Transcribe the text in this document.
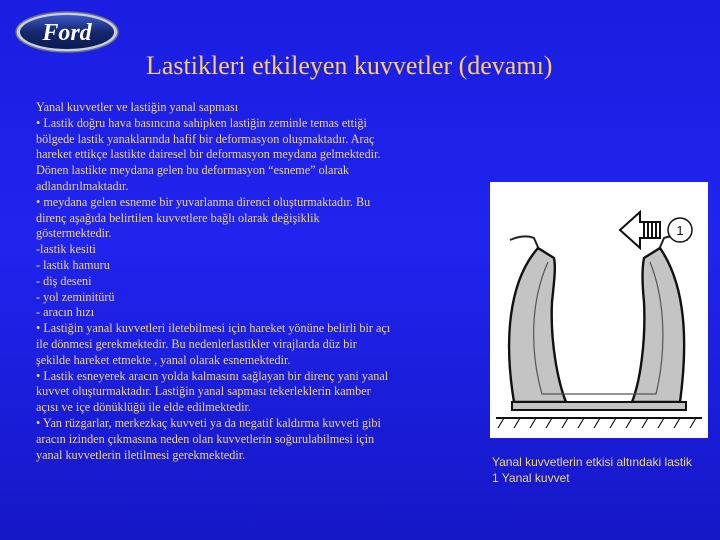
Ford
Lastikleri etkileyen kuvvetler (devamı)
Yanal kuvvetler ve lastiğin yanal sapması
• Lastik doğru hava basıncına sahipken lastiğin zeminle temas ettiği
bölgede lastik yanaklarında hafif bir deformasyon oluşmaktadır. Araç
hareket ettikçe lastikte dairesel bir deformasyon meydana gelmektedir.
Dönen lastikte meydana gelen bu deformasyon “esneme” olarak
adlandırılmaktadır.
• meydana gelen esneme bir yuvarlanma direnci oluşturmaktadır. Bu
direnç aşağıda belirtilen kuvvetlere bağlı olarak değişiklik
göstermektedir.
-lastik kesiti
- lastik hamuru
- diş deseni
- yol zeminitürü
- aracın hızı
• Lastiğin yanal kuvvetleri iletebilmesi için hareket yönüne belirli bir açı
ile dönmesi gerekmektedir. Bu nedenlerlastikler virajlarda düz bir
şekilde hareket etmekte , yanal olarak esnemektedir.
• Lastik esneyerek aracın yolda kalmasını sağlayan bir direnç yani yanal
kuvvet oluşturmaktadır. Lastiğin yanal sapması tekerleklerin kamber
açısı ve içe dönüklüğü ile elde edilmektedir.
• Yan rüzgarlar, merkezkaç kuvveti ya da negatif kaldırma kuvveti gibi
aracın izinden çıkmasına neden olan kuvvetlerin soğurulabilmesi için
yanal kuvvetlerin iletilmesi gerekmektedir.
1
Yanal kuvvetlerin etkisi altındaki lastik
1 Yanal kuvvet
